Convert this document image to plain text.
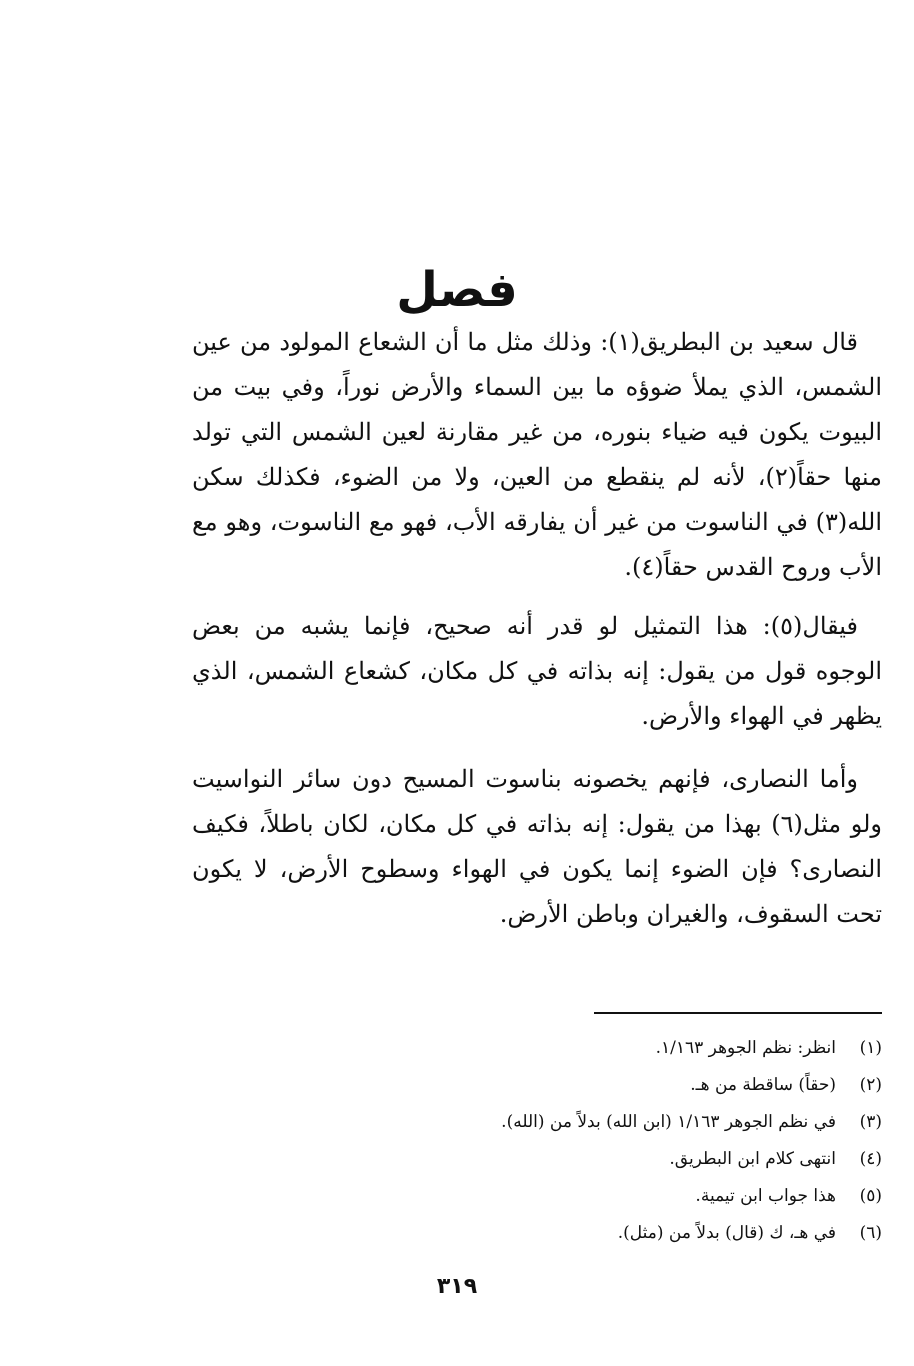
فصل

قال سعيد بن البطريق(١): وذلك مثل ما أن الشعاع المولود من عين الشمس، الذي يملأ ضوؤه ما بين السماء والأرض نوراً، وفي بيت من البيوت يكون فيه ضياء بنوره، من غير مقارنة لعين الشمس التي تولد منها حقاً(٢)، لأنه لم ينقطع من العين، ولا من الضوء، فكذلك سكن الله(٣) في الناسوت من غير أن يفارقه الأب، فهو مع الناسوت، وهو مع الأب وروح القدس حقاً(٤).

فيقال(٥): هذا التمثيل لو قدر أنه صحيح، فإنما يشبه من بعض الوجوه قول من يقول: إنه بذاته في كل مكان، كشعاع الشمس، الذي يظهر في الهواء والأرض.

وأما النصارى، فإنهم يخصونه بناسوت المسيح دون سائر النواسيت ولو مثل(٦) بهذا من يقول: إنه بذاته في كل مكان، لكان باطلاً، فكيف النصارى؟ فإن الضوء إنما يكون في الهواء وسطوح الأرض، لا يكون تحت السقوف، والغيران وباطن الأرض.

(١)
انظر: نظم الجوهر ١/١٦٣.
(٢)
(حقاً) ساقطة من هـ.
(٣)
في نظم الجوهر ١/١٦٣ (ابن الله) بدلاً من (الله).
(٤)
انتهى كلام ابن البطريق.
(٥)
هذا جواب ابن تيمية.
(٦)
في هـ، ك (قال) بدلاً من (مثل).
٣١٩
